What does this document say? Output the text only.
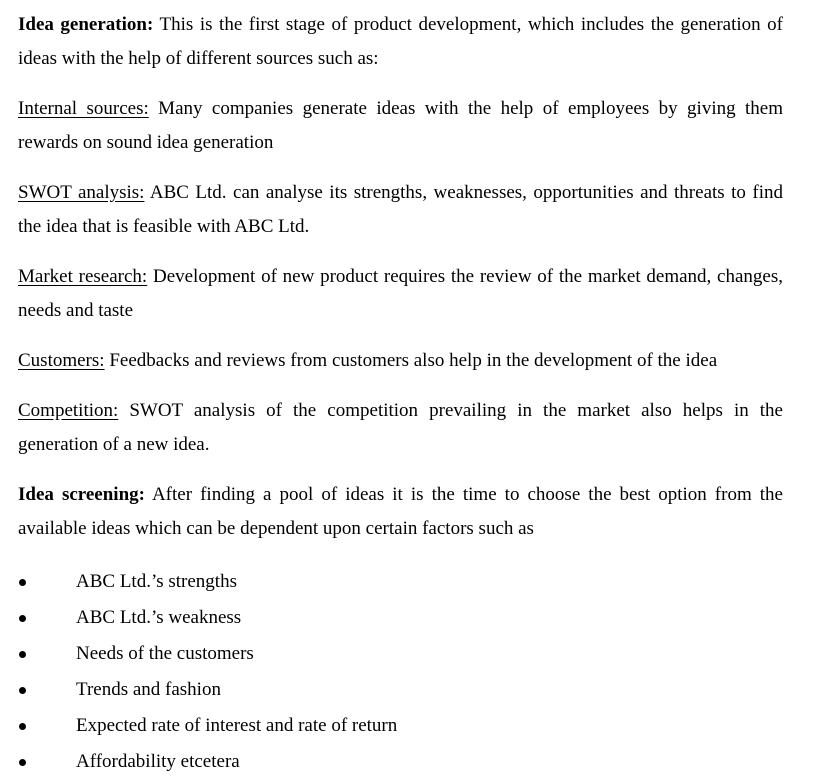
Idea generation: This is the first stage of product development, which includes the generation of ideas with the help of different sources such as:

Internal sources: Many companies generate ideas with the help of employees by giving them rewards on sound idea generation

SWOT analysis: ABC Ltd. can analyse its strengths, weaknesses, opportunities and threats to find the idea that is feasible with ABC Ltd.

Market research: Development of new product requires the review of the market demand, changes, needs and taste

Customers: Feedbacks and reviews from customers also help in the development of the idea

Competition: SWOT analysis of the competition prevailing in the market also helps in the generation of a new idea.

Idea screening: After finding a pool of ideas it is the time to choose the best option from the available ideas which can be dependent upon certain factors such as

ABC Ltd.’s strengths
ABC Ltd.’s weakness
Needs of the customers
Trends and fashion
Expected rate of interest and rate of return
Affordability etcetera
